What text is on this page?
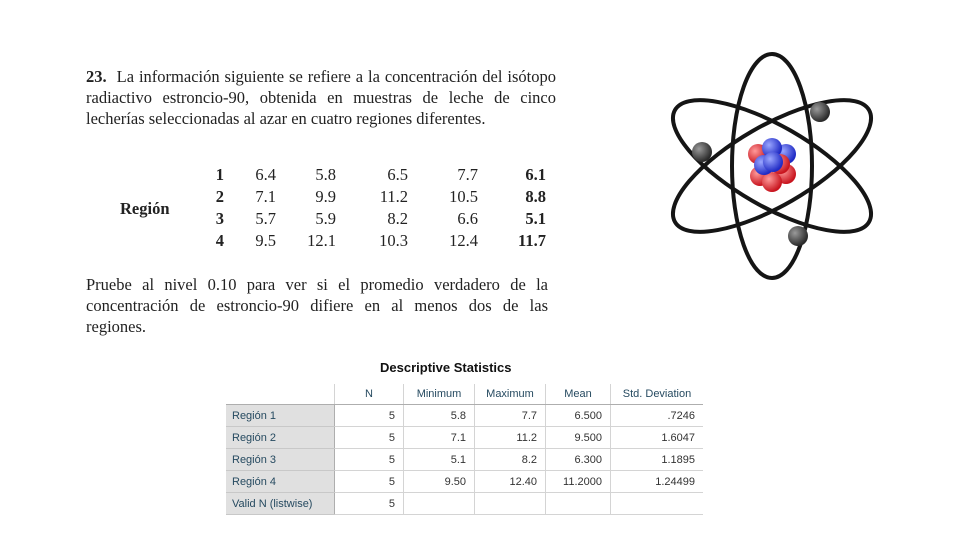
23. La información siguiente se refiere a la concentración del isótopo radiactivo estroncio-90, obtenida en muestras de leche de cinco lecherías seleccionadas al azar en cuatro regiones diferentes.

Región
1	6.4	5.8	6.5	7.7	6.1
2	7.1	9.9	11.2	10.5	8.8
3	5.7	5.9	8.2	6.6	5.1
4	9.5	12.1	10.3	12.4	11.7

Pruebe al nivel 0.10 para ver si el promedio verdadero de la concentración de estroncio-90 difiere en al menos dos de las regiones.

Descriptive Statistics
	N	Minimum	Maximum	Mean	Std. Deviation
Región 1	5	5.8	7.7	6.500	.7246
Región 2	5	7.1	11.2	9.500	1.6047
Región 3	5	5.1	8.2	6.300	1.1895
Región 4	5	9.50	12.40	11.2000	1.24499
Valid N (listwise)	5				
